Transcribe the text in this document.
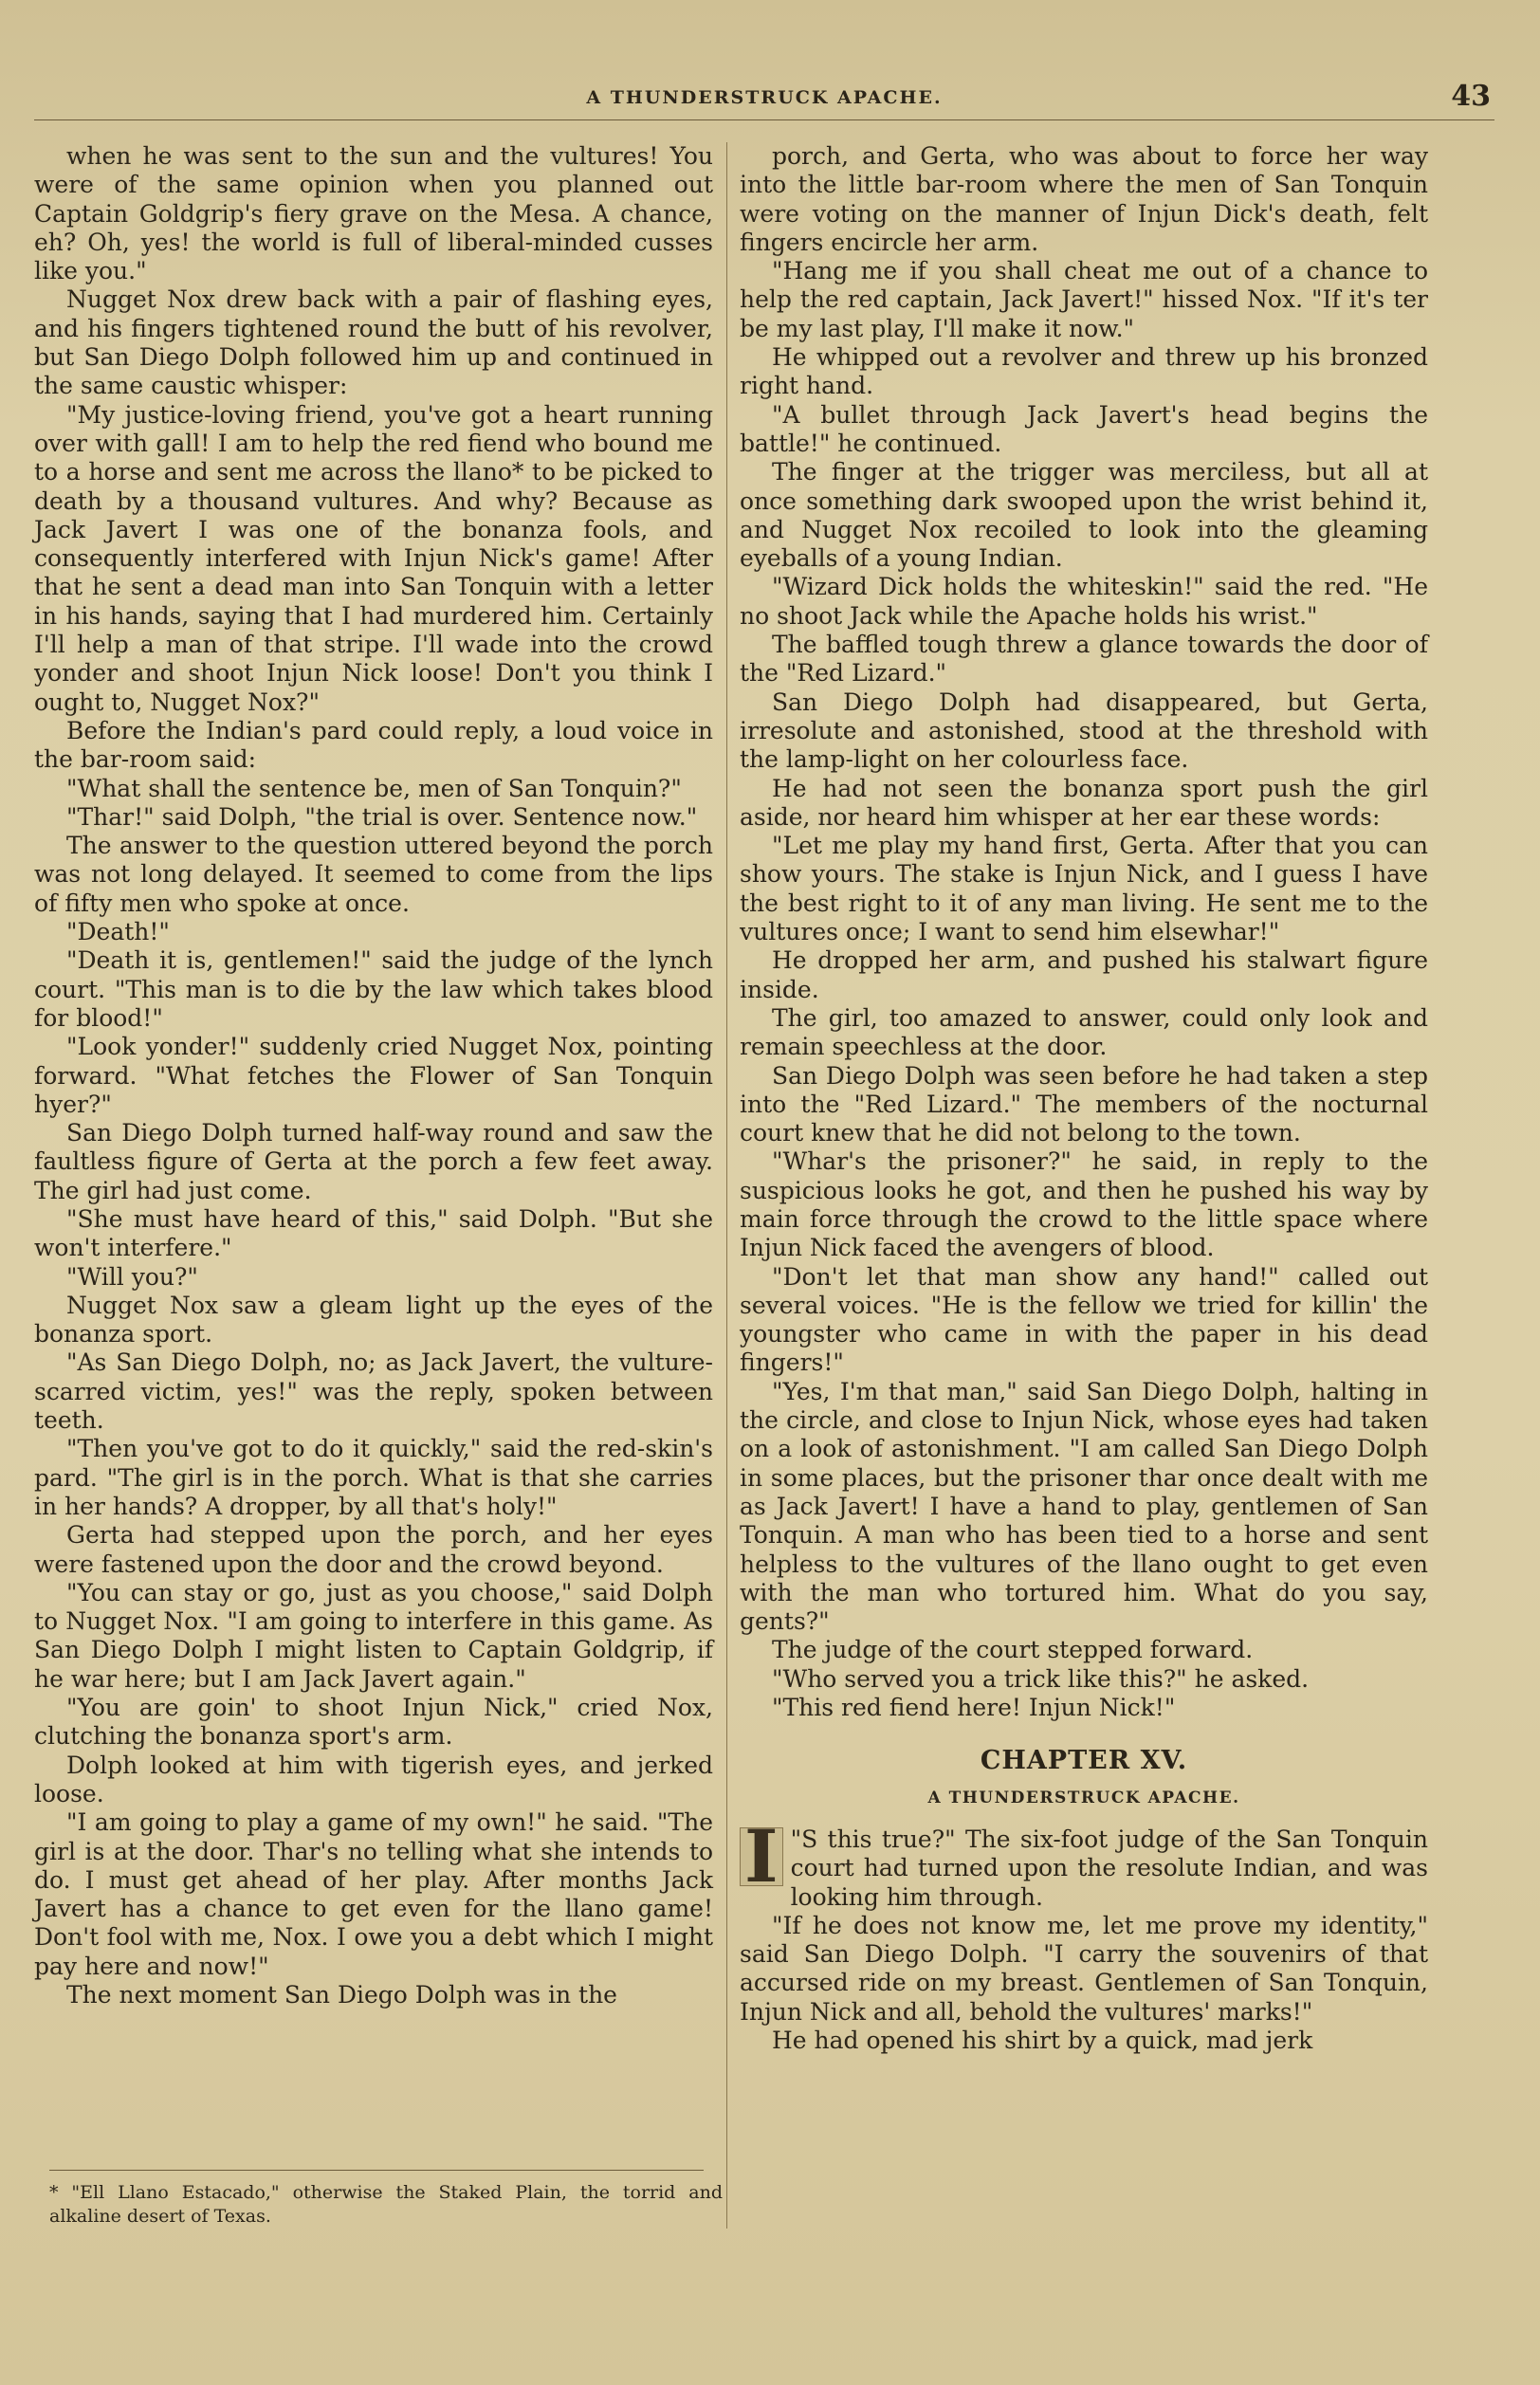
A THUNDERSTRUCK APACHE.	43

when he was sent to the sun and the vultures! You were of the same opinion when you planned out Captain Goldgrip's fiery grave on the Mesa. A chance, eh? Oh, yes! the world is full of liberal-minded cusses like you."

Nugget Nox drew back with a pair of flashing eyes, and his fingers tightened round the butt of his revolver, but San Diego Dolph followed him up and continued in the same caustic whisper:

"My justice-loving friend, you've got a heart running over with gall! I am to help the red fiend who bound me to a horse and sent me across the llano* to be picked to death by a thousand vultures. And why? Because as Jack Javert I was one of the bonanza fools, and consequently interfered with Injun Nick's game! After that he sent a dead man into San Tonquin with a letter in his hands, saying that I had murdered him. Certainly I'll help a man of that stripe. I'll wade into the crowd yonder and shoot Injun Nick loose! Don't you think I ought to, Nugget Nox?"

Before the Indian's pard could reply, a loud voice in the bar-room said:

"What shall the sentence be, men of San Tonquin?"

"Thar!" said Dolph, "the trial is over. Sentence now."

The answer to the question uttered beyond the porch was not long delayed. It seemed to come from the lips of fifty men who spoke at once.

"Death!"

"Death it is, gentlemen!" said the judge of the lynch court. "This man is to die by the law which takes blood for blood!"

"Look yonder!" suddenly cried Nugget Nox, pointing forward. "What fetches the Flower of San Tonquin hyer?"

San Diego Dolph turned half-way round and saw the faultless figure of Gerta at the porch a few feet away. The girl had just come.

"She must have heard of this," said Dolph. "But she won't interfere."

"Will you?"

Nugget Nox saw a gleam light up the eyes of the bonanza sport.

"As San Diego Dolph, no; as Jack Javert, the vulture-scarred victim, yes!" was the reply, spoken between teeth.

"Then you've got to do it quickly," said the red-skin's pard. "The girl is in the porch. What is that she carries in her hands? A dropper, by all that's holy!"

Gerta had stepped upon the porch, and her eyes were fastened upon the door and the crowd beyond.

"You can stay or go, just as you choose," said Dolph to Nugget Nox. "I am going to interfere in this game. As San Diego Dolph I might listen to Captain Goldgrip, if he war here; but I am Jack Javert again."

"You are goin' to shoot Injun Nick," cried Nox, clutching the bonanza sport's arm.

Dolph looked at him with tigerish eyes, and jerked loose.

"I am going to play a game of my own!" he said. "The girl is at the door. Thar's no telling what she intends to do. I must get ahead of her play. After months Jack Javert has a chance to get even for the llano game! Don't fool with me, Nox. I owe you a debt which I might pay here and now!"

The next moment San Diego Dolph was in the

porch, and Gerta, who was about to force her way into the little bar-room where the men of San Tonquin were voting on the manner of Injun Dick's death, felt fingers encircle her arm.

"Hang me if you shall cheat me out of a chance to help the red captain, Jack Javert!" hissed Nox. "If it's ter be my last play, I'll make it now."

He whipped out a revolver and threw up his bronzed right hand.

"A bullet through Jack Javert's head begins the battle!" he continued.

The finger at the trigger was merciless, but all at once something dark swooped upon the wrist behind it, and Nugget Nox recoiled to look into the gleaming eyeballs of a young Indian.

"Wizard Dick holds the whiteskin!" said the red. "He no shoot Jack while the Apache holds his wrist."

The baffled tough threw a glance towards the door of the "Red Lizard."

San Diego Dolph had disappeared, but Gerta, irresolute and astonished, stood at the threshold with the lamp-light on her colourless face.

He had not seen the bonanza sport push the girl aside, nor heard him whisper at her ear these words:

"Let me play my hand first, Gerta. After that you can show yours. The stake is Injun Nick, and I guess I have the best right to it of any man living. He sent me to the vultures once; I want to send him elsewhar!"

He dropped her arm, and pushed his stalwart figure inside.

The girl, too amazed to answer, could only look and remain speechless at the door.

San Diego Dolph was seen before he had taken a step into the "Red Lizard." The members of the nocturnal court knew that he did not belong to the town.

"Whar's the prisoner?" he said, in reply to the suspicious looks he got, and then he pushed his way by main force through the crowd to the little space where Injun Nick faced the avengers of blood.

"Don't let that man show any hand!" called out several voices. "He is the fellow we tried for killin' the youngster who came in with the paper in his dead fingers!"

"Yes, I'm that man," said San Diego Dolph, halting in the circle, and close to Injun Nick, whose eyes had taken on a look of astonishment. "I am called San Diego Dolph in some places, but the prisoner thar once dealt with me as Jack Javert! I have a hand to play, gentlemen of San Tonquin. A man who has been tied to a horse and sent helpless to the vultures of the llano ought to get even with the man who tortured him. What do you say, gents?"

The judge of the court stepped forward.

"Who served you a trick like this?" he asked.

"This red fiend here! Injun Nick!"

CHAPTER XV.
A THUNDERSTRUCK APACHE.

"
I S this true?" The six-foot judge of the San Tonquin court had turned upon the resolute Indian, and was looking him through.

"If he does not know me, let me prove my identity," said San Diego Dolph. "I carry the souvenirs of that accursed ride on my breast. Gentlemen of San Tonquin, Injun Nick and all, behold the vultures' marks!"

He had opened his shirt by a quick, mad jerk

* "Ell Llano Estacado," otherwise the Staked Plain, the torrid and alkaline desert of Texas.
